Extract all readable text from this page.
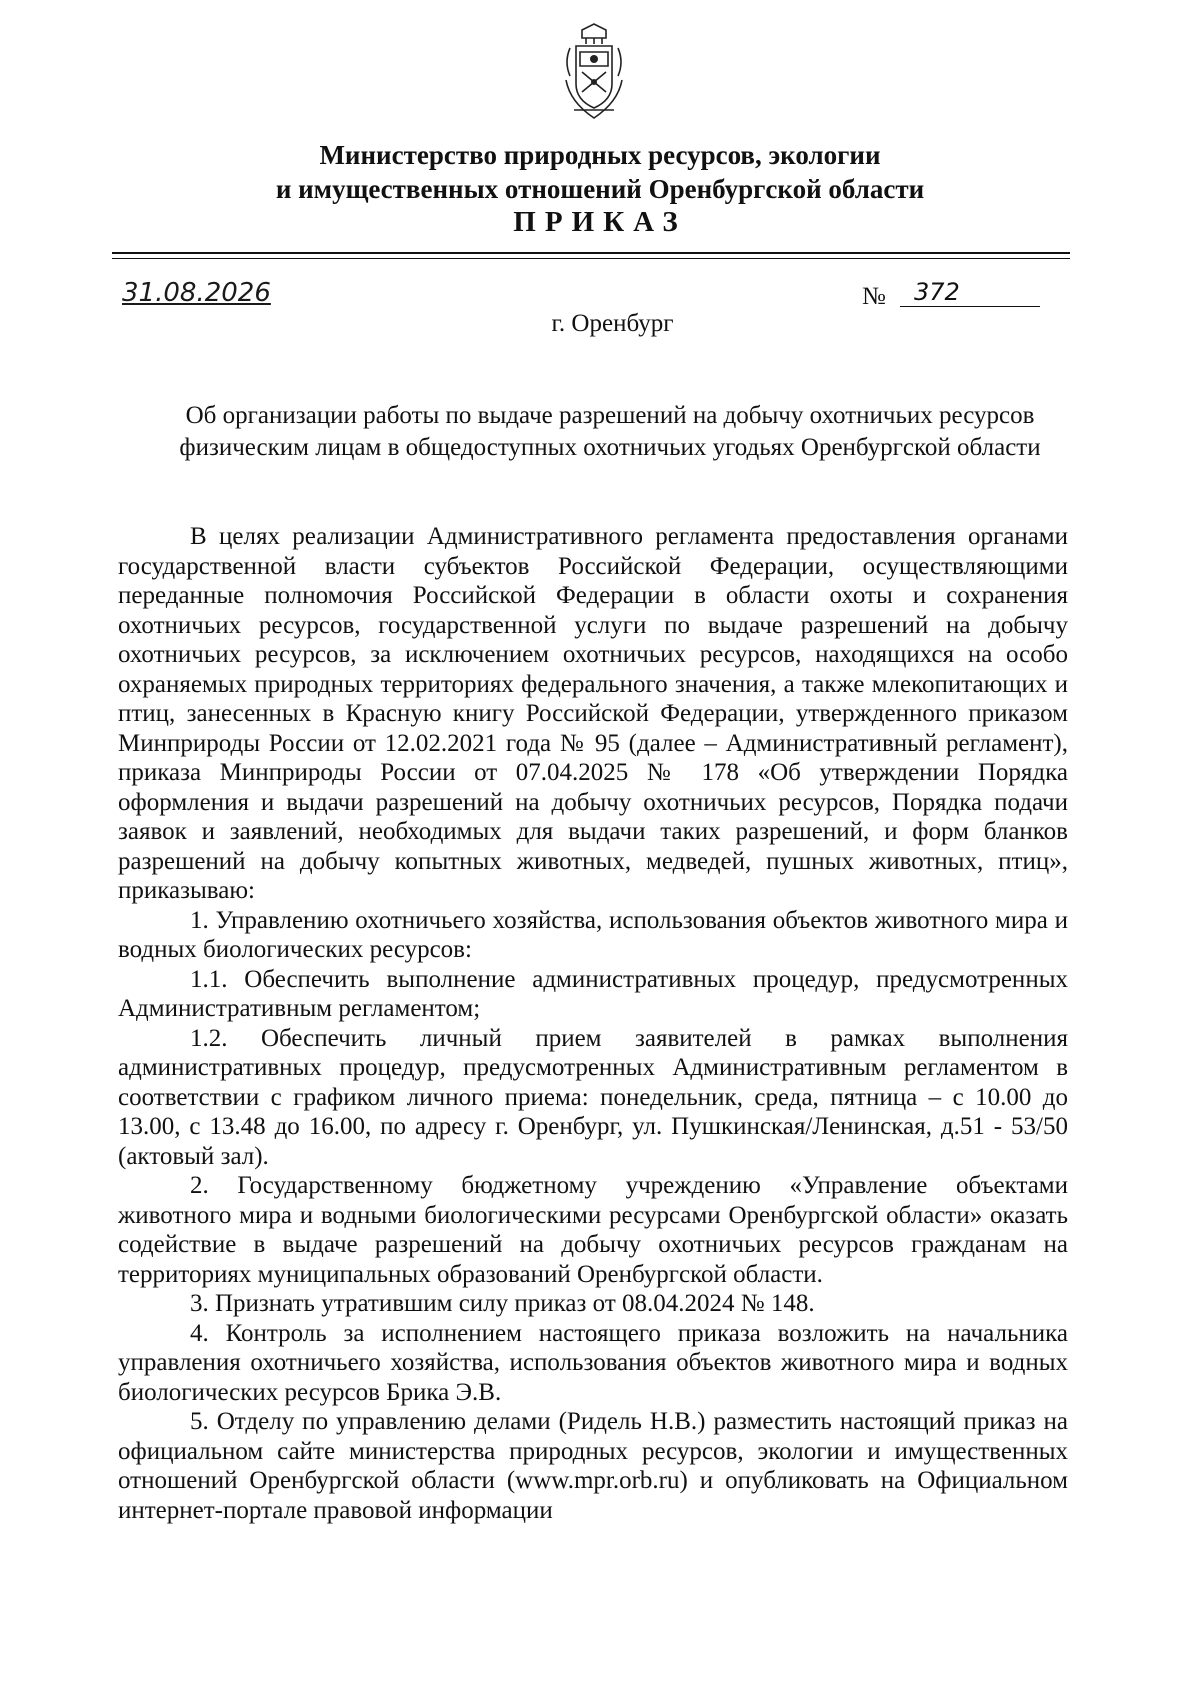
Министерство природных ресурсов, экологии
и имущественных отношений Оренбургской области
ПРИКАЗ
31.08.2026	№	372
г. Оренбург
Об организации работы по выдаче разрешений на добычу охотничьих ресурсов
физическим лицам в общедоступных охотничьих угодьях Оренбургской области

В целях реализации Административного регламента предоставления органами государственной власти субъектов Российской Федерации, осуществляющими переданные полномочия Российской Федерации в области охоты и сохранения охотничьих ресурсов, государственной услуги по выдаче разрешений на добычу охотничьих ресурсов, за исключением охотничьих ресурсов, находящихся на особо охраняемых природных территориях федерального значения, а также млекопитающих и птиц, занесенных в Красную книгу Российской Федерации, утвержденного приказом Минприроды России от 12.02.2021 года № 95 (далее – Административный регламент), приказа Минприроды России от 07.04.2025 № 178 «Об утверждении Порядка оформления и выдачи разрешений на добычу охотничьих ресурсов, Порядка подачи заявок и заявлений, необходимых для выдачи таких разрешений, и форм бланков разрешений на добычу копытных животных, медведей, пушных животных, птиц», приказываю:

1. Управлению охотничьего хозяйства, использования объектов животного мира и водных биологических ресурсов:

1.1. Обеспечить выполнение административных процедур, предусмотренных Административным регламентом;

1.2. Обеспечить личный прием заявителей в рамках выполнения административных процедур, предусмотренных Административным регламентом в соответствии с графиком личного приема: понедельник, среда, пятница – с 10.00 до 13.00, с 13.48 до 16.00, по адресу г. Оренбург, ул. Пушкинская/Ленинская, д.51 - 53/50 (актовый зал).

2. Государственному бюджетному учреждению «Управление объектами животного мира и водными биологическими ресурсами Оренбургской области» оказать содействие в выдаче разрешений на добычу охотничьих ресурсов гражданам на территориях муниципальных образований Оренбургской области.

3. Признать утратившим силу приказ от 08.04.2024 № 148.

4. Контроль за исполнением настоящего приказа возложить на начальника управления охотничьего хозяйства, использования объектов животного мира и водных биологических ресурсов Брика Э.В.

5. Отделу по управлению делами (Ридель Н.В.) разместить настоящий приказ на официальном сайте министерства природных ресурсов, экологии и имущественных отношений Оренбургской области (www.mpr.orb.ru) и опубликовать на Официальном интернет-портале правовой информации
